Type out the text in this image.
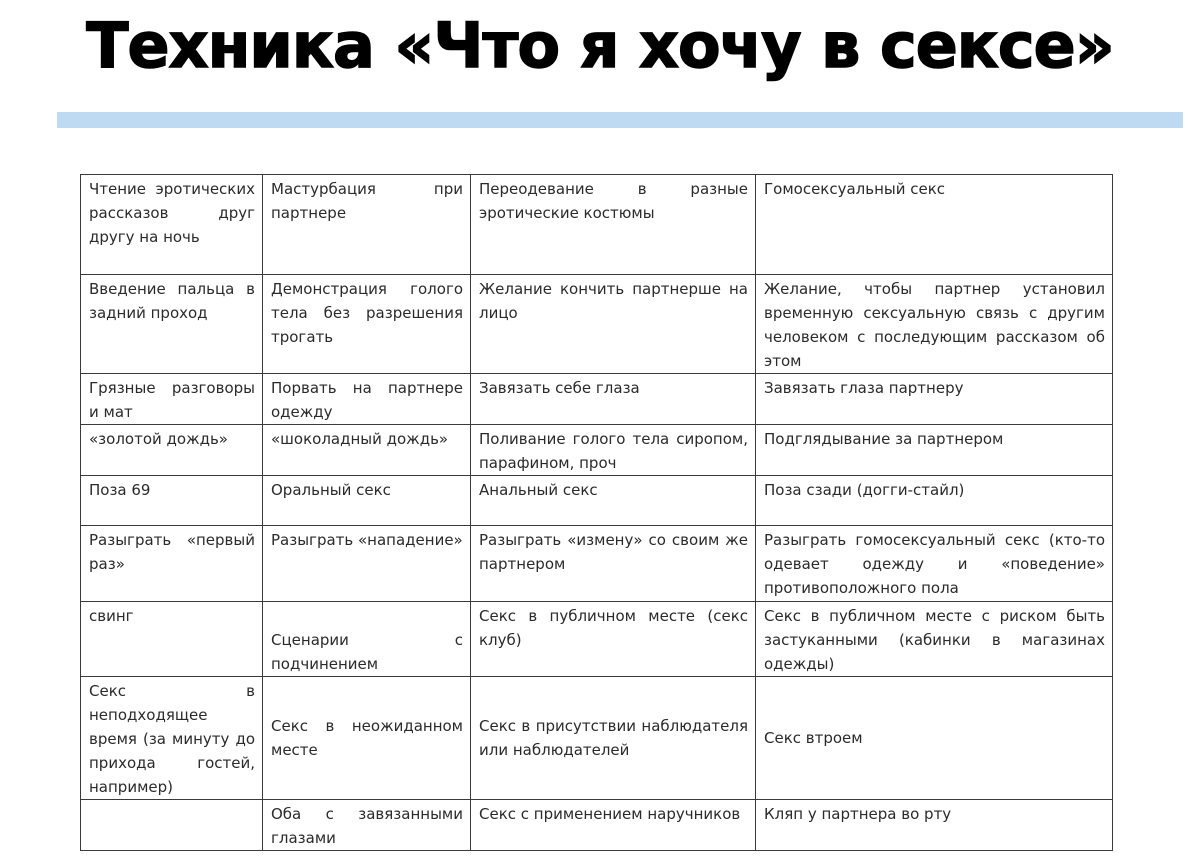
Техника «Что я хочу в сексе»
Чтение эротических рассказов друг другу на ночь	Мастурбация при партнере	Переодевание в разные эротические костюмы	Гомосексуальный секс
Введение пальца в задний проход	Демонстрация голого тела без разрешения трогать	Желание кончить партнерше на лицо	Желание, чтобы партнер установил временную сексуальную связь с другим человеком с последующим рассказом об этом
Грязные разговоры и мат	Порвать на партнере одежду	Завязать себе глаза	Завязать глаза партнеру
«золотой дождь»	«шоколадный дождь»	Поливание голого тела сиропом, парафином, проч	Подглядывание за партнером
Поза 69	Оральный секс	Анальный секс	Поза сзади (догги-стайл)
Разыграть «первый раз»	Разыграть «нападение»	Разыграть «измену» со своим же партнером	Разыграть гомосексуальный секс (кто-то одевает одежду и «поведение» противоположного пола
свинг	Сценарии с подчинением	Секс в публичном месте (секс клуб)	Секс в публичном месте с риском быть застуканными (кабинки в магазинах одежды)
Секс в неподходящее время (за минуту до прихода гостей, например)	Секс в неожиданном месте	Секс в присутствии наблюдателя или наблюдателей	Секс втроем
	Оба с завязанными глазами	Секс с применением наручников	Кляп у партнера во рту
